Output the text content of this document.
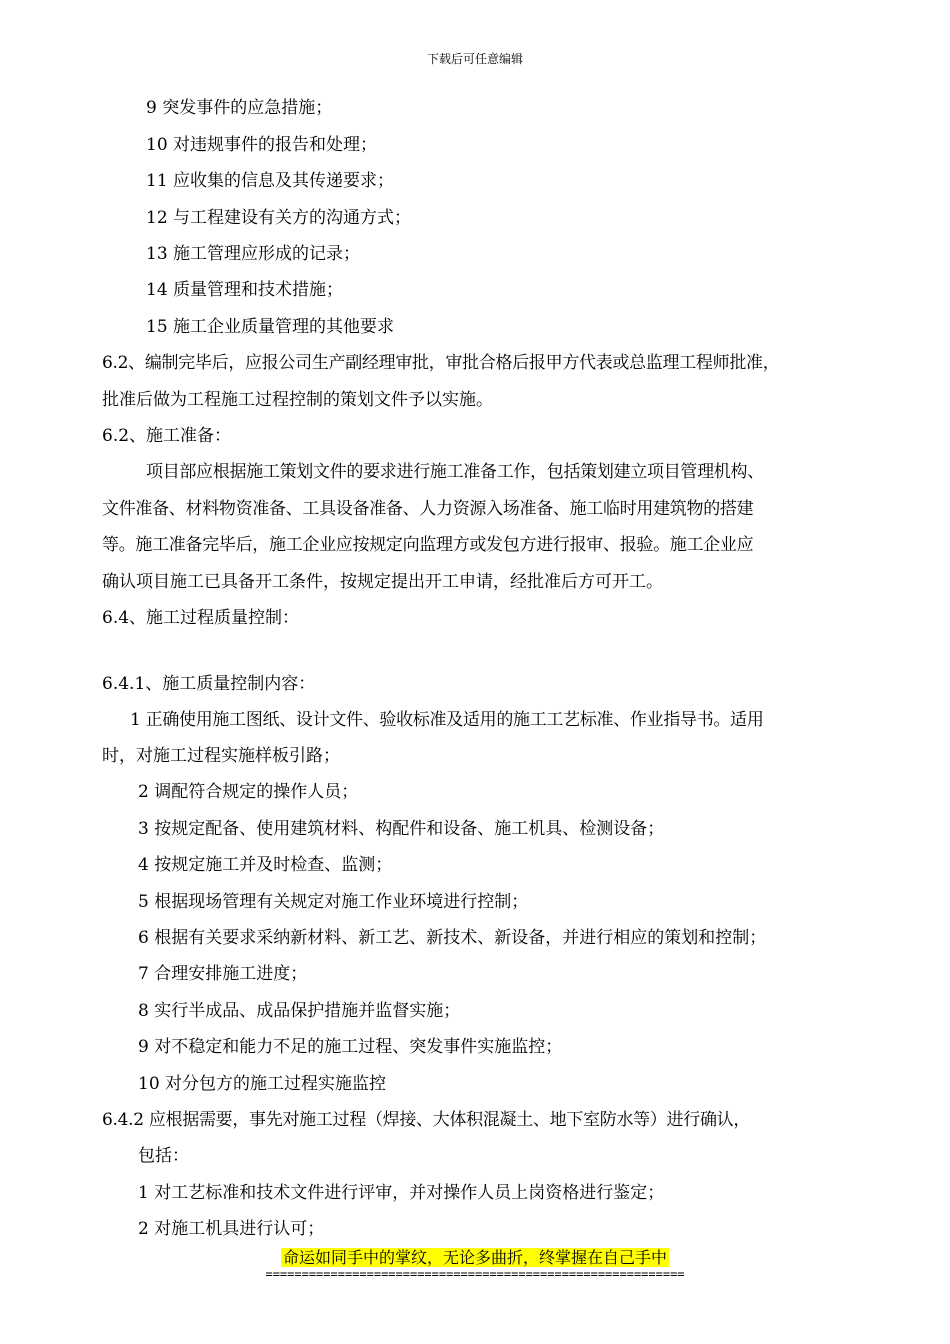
下载后可任意编辑
9 突发事件的应急措施；
10 对违规事件的报告和处理；
11 应收集的信息及其传递要求；
12 与工程建设有关方的沟通方式；
13 施工管理应形成的记录；
14 质量管理和技术措施；
15 施工企业质量管理的其他要求
6.2、编制完毕后，应报公司生产副经理审批，审批合格后报甲方代表或总监理工程师批准，
批准后做为工程施工过程控制的策划文件予以实施。
6.2、施工准备：
项目部应根据施工策划文件的要求进行施工准备工作，包括策划建立项目管理机构、
文件准备、材料物资准备、工具设备准备、人力资源入场准备、施工临时用建筑物的搭建
等。施工准备完毕后，施工企业应按规定向监理方或发包方进行报审、报验。施工企业应
确认项目施工已具备开工条件，按规定提出开工申请，经批准后方可开工。
6.4、施工过程质量控制：
6.4.1、施工质量控制内容：
1 正确使用施工图纸、设计文件、验收标准及适用的施工工艺标准、作业指导书。适用
时，对施工过程实施样板引路；
2 调配符合规定的操作人员；
3 按规定配备、使用建筑材料、构配件和设备、施工机具、检测设备；
4 按规定施工并及时检查、监测；
5 根据现场管理有关规定对施工作业环境进行控制；
6 根据有关要求采纳新材料、新工艺、新技术、新设备，并进行相应的策划和控制；
7 合理安排施工进度；
8 实行半成品、成品保护措施并监督实施；
9 对不稳定和能力不足的施工过程、突发事件实施监控；
10 对分包方的施工过程实施监控
6.4.2 应根据需要，事先对施工过程（焊接、大体积混凝土、地下室防水等）进行确认，
包括：
1 对工艺标准和技术文件进行评审，并对操作人员上岗资格进行鉴定；
2 对施工机具进行认可；
命运如同手中的掌纹，无论多曲折，终掌握在自己手中
==========================================================
